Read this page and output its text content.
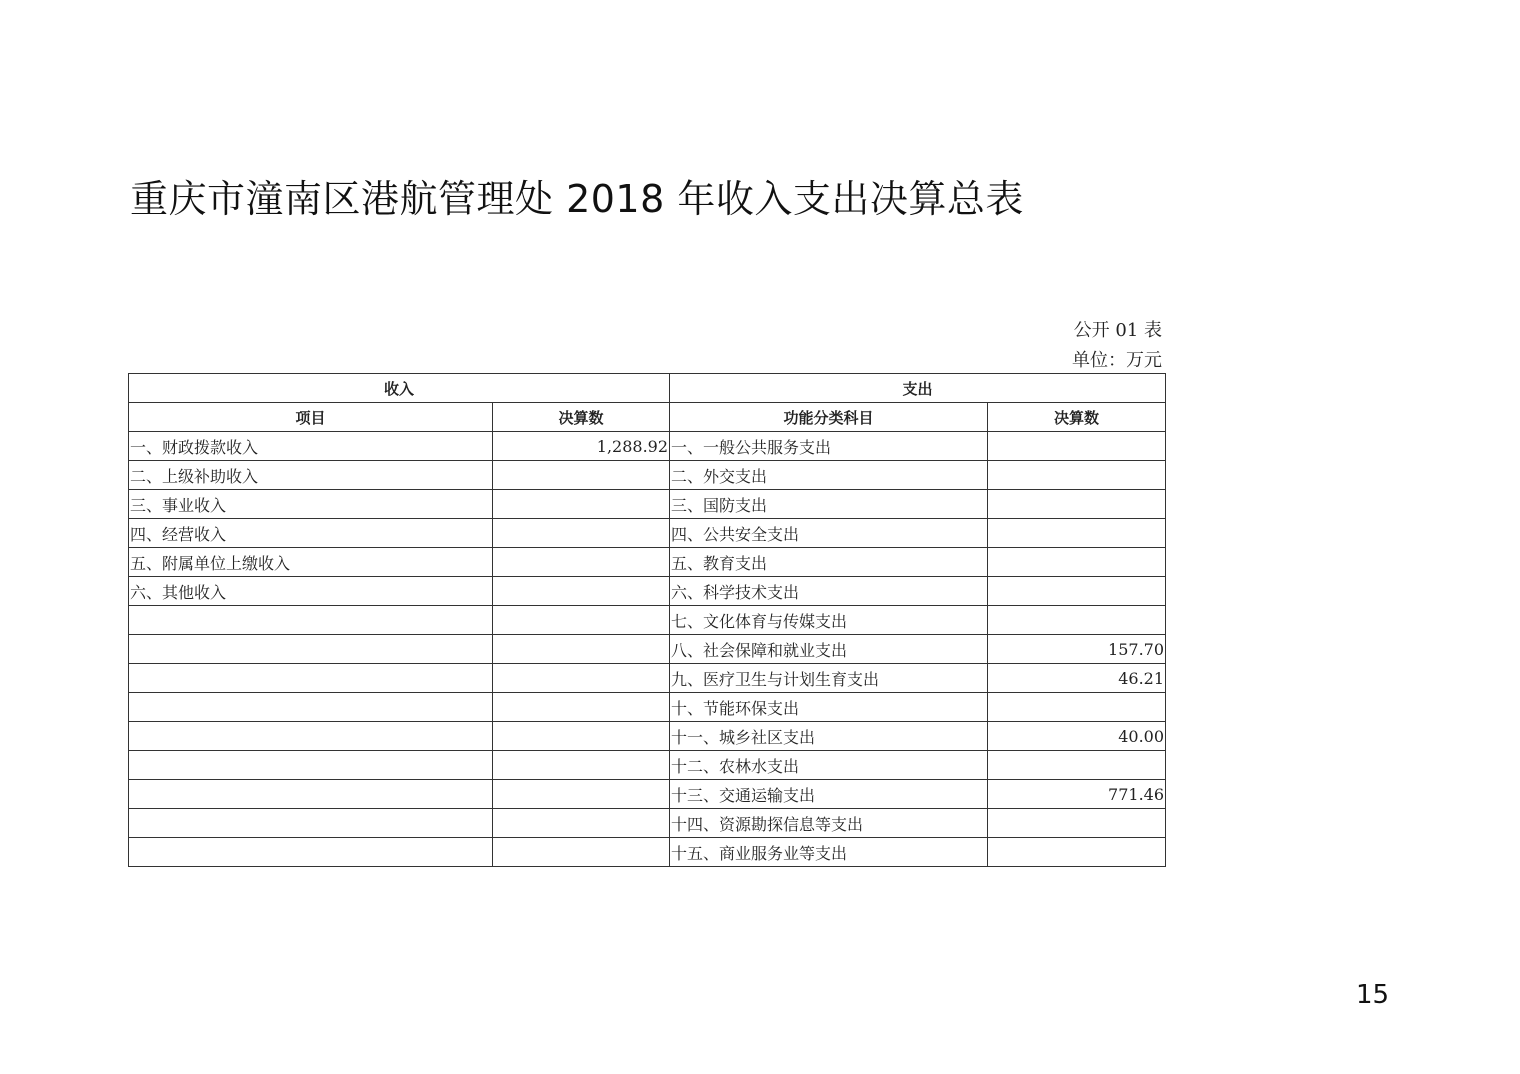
重庆市潼南区港航管理处 2018 年收入支出决算总表
公开 01 表
单位：万元
收入		支出	
项目	决算数	功能分类科目	决算数
一、财政拨款收入	1,288.92	一、一般公共服务支出	
二、上级补助收入		二、外交支出	
三、事业收入		三、国防支出	
四、经营收入		四、公共安全支出	
五、附属单位上缴收入		五、教育支出	
六、其他收入		六、科学技术支出	
		七、文化体育与传媒支出	
		八、社会保障和就业支出	157.70
		九、医疗卫生与计划生育支出	46.21
		十、节能环保支出	
		十一、城乡社区支出	40.00
		十二、农林水支出	
		十三、交通运输支出	771.46
		十四、资源勘探信息等支出	
		十五、商业服务业等支出	
15
